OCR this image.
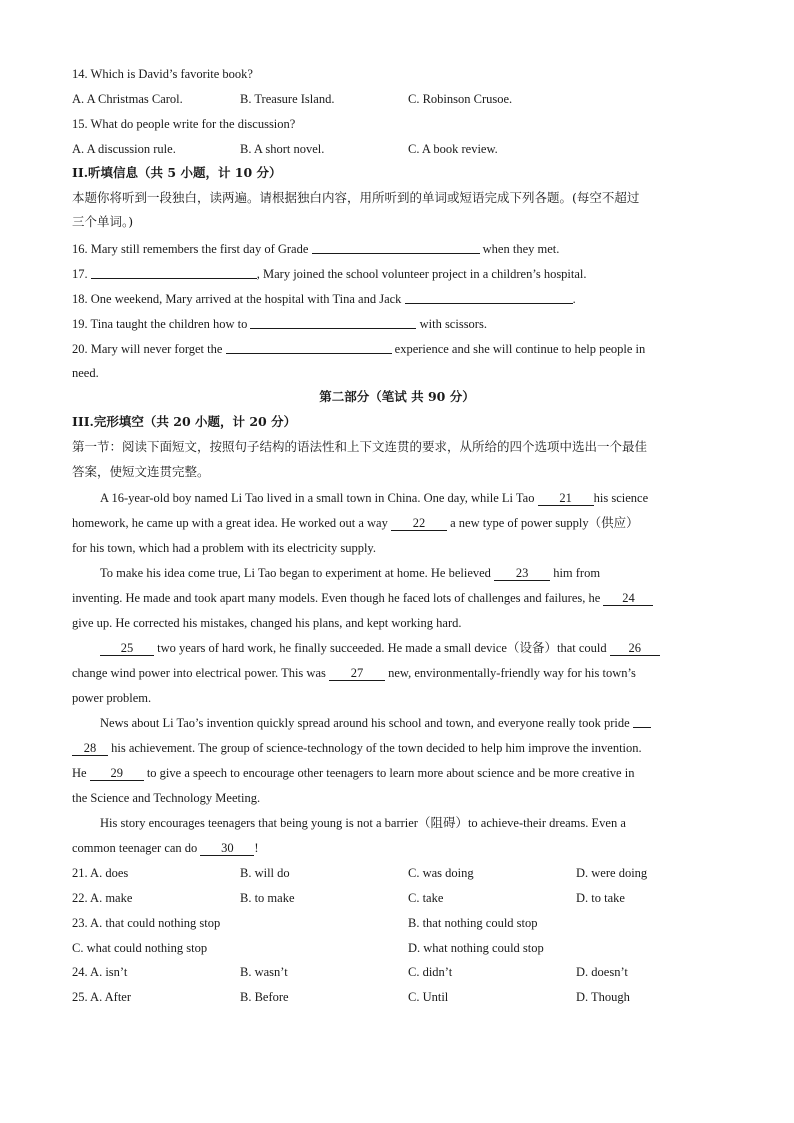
14. Which is David’s favorite book?
A. A Christmas Carol.	B. Treasure Island.	C. Robinson Crusoe.
15. What do people write for the discussion?
A. A discussion rule.	B. A short novel.	C. A book review.
II.听填信息（共 5 小题，计 10 分）
本题你将听到一段独白，读两遍。请根据独白内容，用所听到的单词或短语完成下列各题。(每空不超过
三个单词。)
16. Mary still remembers the first day of Grade	when they met.
17.	, Mary joined the school volunteer project in a children’s hospital.
18. One weekend, Mary arrived at the hospital with Tina and Jack	.
19. Tina taught the children how to	with scissors.
20. Mary will never forget the	experience and she will continue to help people in
need.
第二部分（笔试 共 90 分）
III.完形填空（共 20 小题，计 20 分）
第一节：阅读下面短文，按照句子结构的语法性和上下文连贯的要求，从所给的四个选项中选出一个最佳
答案，使短文连贯完整。
A 16-year-old boy named Li Tao lived in a small town in China. One day, while Li Tao 21 his science
homework, he came up with a great idea. He worked out a way 22 a new type of power supply（供应）
for his town, which had a problem with its electricity supply.
To make his idea come true, Li Tao began to experiment at home. He believed 23 him from
inventing. He made and took apart many models. Even though he faced lots of challenges and failures, he 24
give up. He corrected his mistakes, changed his plans, and kept working hard.
25 two years of hard work, he finally succeeded. He made a small device（设备）that could 26
change wind power into electrical power. This was 27 new, environmentally-friendly way for his town’s
power problem.
News about Li Tao’s invention quickly spread around his school and town, and everyone really took pride
28 his achievement. The group of science-technology of the town decided to help him improve the invention.
He 29 to give a speech to encourage other teenagers to learn more about science and be more creative in
the Science and Technology Meeting.
His story encourages teenagers that being young is not a barrier（阻碍）to achieve-their dreams. Even a
common teenager can do 30 !
21. A. does	B. will do	C. was doing	D. were doing
22. A. make	B. to make	C. take	D. to take
23. A. that could nothing stop	B. that nothing could stop
C. what could nothing stop	D. what nothing could stop
24. A. isn’t	B. wasn’t	C. didn’t	D. doesn’t
25. A. After	B. Before	C. Until	D. Though
